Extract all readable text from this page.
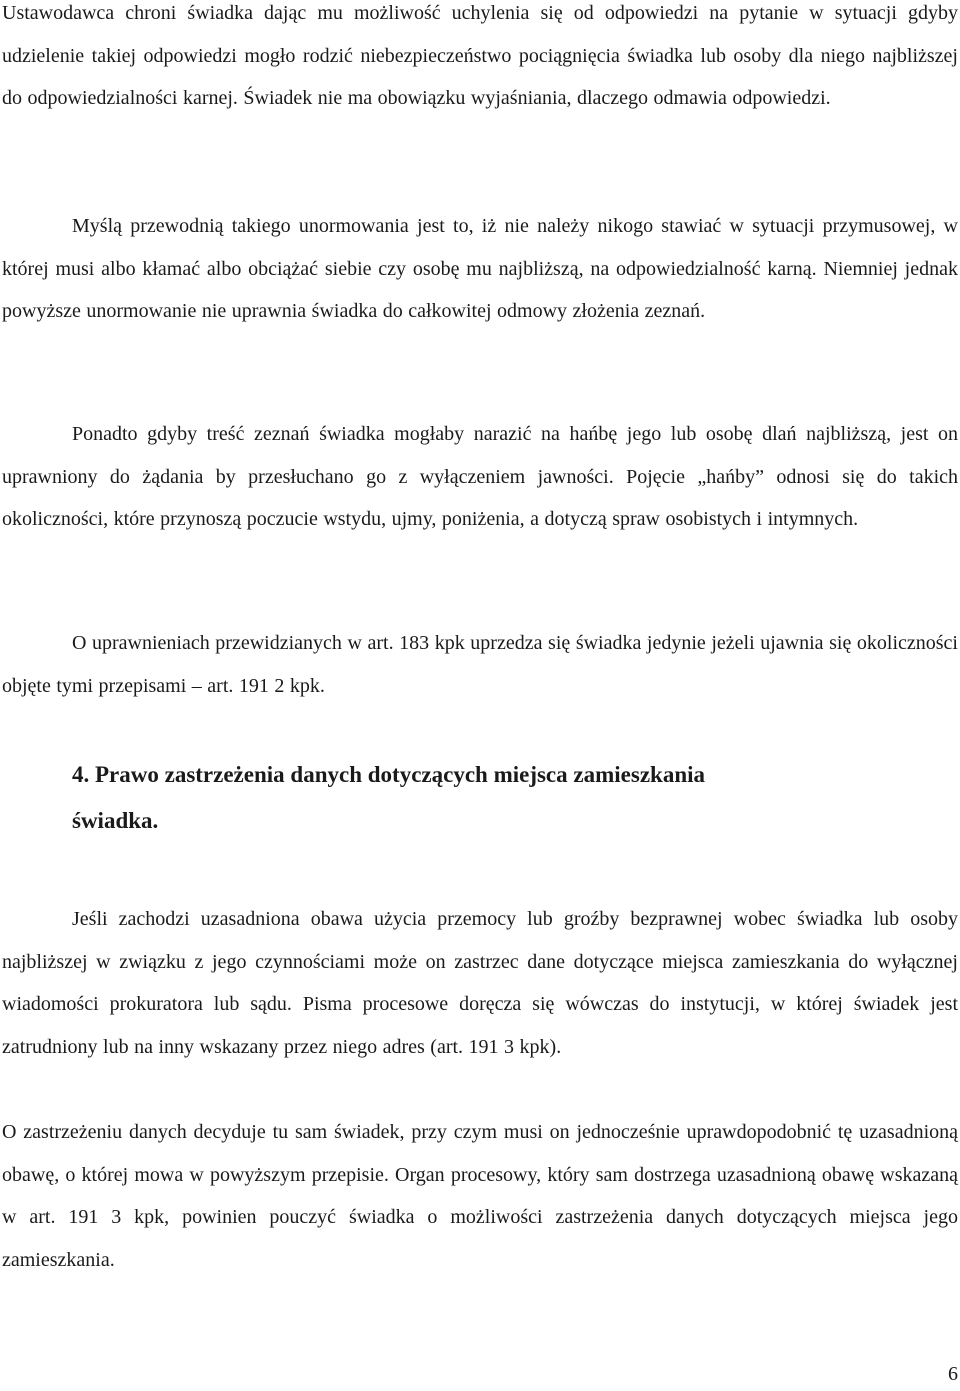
Ustawodawca chroni świadka dając mu możliwość uchylenia się od odpowiedzi na pytanie w sytuacji gdyby udzielenie takiej odpowiedzi mogło rodzić niebezpieczeństwo pociągnięcia świadka lub osoby dla niego najbliższej do odpowiedzialności karnej. Świadek nie ma obowiązku wyjaśniania, dlaczego odmawia odpowiedzi.

Myślą przewodnią takiego unormowania jest to, iż nie należy nikogo stawiać w sytuacji przymusowej, w której musi albo kłamać albo obciążać siebie czy osobę mu najbliższą, na odpowiedzialność karną. Niemniej jednak powyższe unormowanie nie uprawnia świadka do całkowitej odmowy złożenia zeznań.

Ponadto gdyby treść zeznań świadka mogłaby narazić na hańbę jego lub osobę dlań najbliższą, jest on uprawniony do żądania by przesłuchano go z wyłączeniem jawności. Pojęcie „hańby” odnosi się do takich okoliczności, które przynoszą poczucie wstydu, ujmy, poniżenia, a dotyczą spraw osobistych i intymnych.

O uprawnieniach przewidzianych w art. 183 kpk uprzedza się świadka jedynie jeżeli ujawnia się okoliczności objęte tymi przepisami – art. 191 2 kpk.

4. Prawo zastrzeżenia danych dotyczących miejsca zamieszkania
świadka.

Jeśli zachodzi uzasadniona obawa użycia przemocy lub groźby bezprawnej wobec świadka lub osoby najbliższej w związku z jego czynnościami może on zastrzec dane dotyczące miejsca zamieszkania do wyłącznej wiadomości prokuratora lub sądu. Pisma procesowe doręcza się wówczas do instytucji, w której świadek jest zatrudniony lub na inny wskazany przez niego adres (art. 191 3 kpk).

O zastrzeżeniu danych decyduje tu sam świadek, przy czym musi on jednocześnie uprawdopodobnić tę uzasadnioną obawę, o której mowa w powyższym przepisie. Organ procesowy, który sam dostrzega uzasadnioną obawę wskazaną w art. 191 3 kpk, powinien pouczyć świadka o możliwości zastrzeżenia danych dotyczących miejsca jego zamieszkania.

6
